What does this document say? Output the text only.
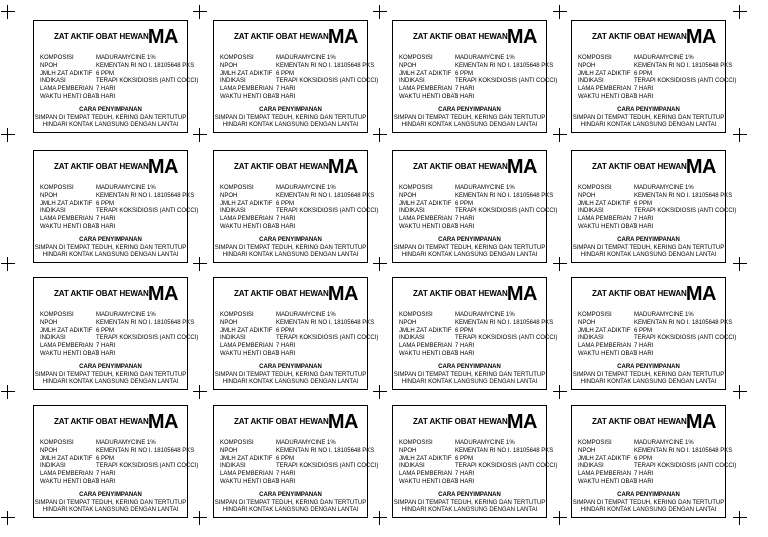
ZAT AKTIF OBAT HEWAN MA
KOMPOSISI	MADURAMYCINE 1%
NPOH	KEMENTAN RI NO I. 18105648 PKS
JMLH ZAT ADIKTIF 6 PPM
INDIKASI	TERAPI KOKSIDIOSIS (ANTI COCCI)
LAMA PEMBERIAN 7 HARI
WAKTU HENTI OBAT
3 HARI
CARA PENYIMPANAN
SIMPAN DI TEMPAT TEDUH, KERING DAN TERTUTUP
HINDARI KONTAK LANGSUNG DENGAN LANTAI
ZAT AKTIF OBAT HEWAN MA
KOMPOSISI	MADURAMYCINE 1%
NPOH	KEMENTAN RI NO I. 18105648 PKS
JMLH ZAT ADIKTIF 6 PPM
INDIKASI	TERAPI KOKSIDIOSIS (ANTI COCCI)
LAMA PEMBERIAN 7 HARI
WAKTU HENTI OBAT
3 HARI
CARA PENYIMPANAN
SIMPAN DI TEMPAT TEDUH, KERING DAN TERTUTUP
HINDARI KONTAK LANGSUNG DENGAN LANTAI
ZAT AKTIF OBAT HEWAN MA
KOMPOSISI	MADURAMYCINE 1%
NPOH	KEMENTAN RI NO I. 18105648 PKS
JMLH ZAT ADIKTIF 6 PPM
INDIKASI	TERAPI KOKSIDIOSIS (ANTI COCCI)
LAMA PEMBERIAN 7 HARI
WAKTU HENTI OBAT
3 HARI
CARA PENYIMPANAN
SIMPAN DI TEMPAT TEDUH, KERING DAN TERTUTUP
HINDARI KONTAK LANGSUNG DENGAN LANTAI
ZAT AKTIF OBAT HEWAN MA
KOMPOSISI	MADURAMYCINE 1%
NPOH	KEMENTAN RI NO I. 18105648 PKS
JMLH ZAT ADIKTIF 6 PPM
INDIKASI	TERAPI KOKSIDIOSIS (ANTI COCCI)
LAMA PEMBERIAN 7 HARI
WAKTU HENTI OBAT
3 HARI
CARA PENYIMPANAN
SIMPAN DI TEMPAT TEDUH, KERING DAN TERTUTUP
HINDARI KONTAK LANGSUNG DENGAN LANTAI
ZAT AKTIF OBAT HEWAN MA
KOMPOSISI	MADURAMYCINE 1%
NPOH	KEMENTAN RI NO I. 18105648 PKS
JMLH ZAT ADIKTIF 6 PPM
INDIKASI	TERAPI KOKSIDIOSIS (ANTI COCCI)
LAMA PEMBERIAN 7 HARI
WAKTU HENTI OBAT
3 HARI
CARA PENYIMPANAN
SIMPAN DI TEMPAT TEDUH, KERING DAN TERTUTUP
HINDARI KONTAK LANGSUNG DENGAN LANTAI
ZAT AKTIF OBAT HEWAN MA
KOMPOSISI	MADURAMYCINE 1%
NPOH	KEMENTAN RI NO I. 18105648 PKS
JMLH ZAT ADIKTIF 6 PPM
INDIKASI	TERAPI KOKSIDIOSIS (ANTI COCCI)
LAMA PEMBERIAN 7 HARI
WAKTU HENTI OBAT
3 HARI
CARA PENYIMPANAN
SIMPAN DI TEMPAT TEDUH, KERING DAN TERTUTUP
HINDARI KONTAK LANGSUNG DENGAN LANTAI
ZAT AKTIF OBAT HEWAN MA
KOMPOSISI	MADURAMYCINE 1%
NPOH	KEMENTAN RI NO I. 18105648 PKS
JMLH ZAT ADIKTIF 6 PPM
INDIKASI	TERAPI KOKSIDIOSIS (ANTI COCCI)
LAMA PEMBERIAN 7 HARI
WAKTU HENTI OBAT
3 HARI
CARA PENYIMPANAN
SIMPAN DI TEMPAT TEDUH, KERING DAN TERTUTUP
HINDARI KONTAK LANGSUNG DENGAN LANTAI
ZAT AKTIF OBAT HEWAN MA
KOMPOSISI	MADURAMYCINE 1%
NPOH	KEMENTAN RI NO I. 18105648 PKS
JMLH ZAT ADIKTIF 6 PPM
INDIKASI	TERAPI KOKSIDIOSIS (ANTI COCCI)
LAMA PEMBERIAN 7 HARI
WAKTU HENTI OBAT
3 HARI
CARA PENYIMPANAN
SIMPAN DI TEMPAT TEDUH, KERING DAN TERTUTUP
HINDARI KONTAK LANGSUNG DENGAN LANTAI
ZAT AKTIF OBAT HEWAN MA
KOMPOSISI	MADURAMYCINE 1%
NPOH	KEMENTAN RI NO I. 18105648 PKS
JMLH ZAT ADIKTIF 6 PPM
INDIKASI	TERAPI KOKSIDIOSIS (ANTI COCCI)
LAMA PEMBERIAN 7 HARI
WAKTU HENTI OBAT
3 HARI
CARA PENYIMPANAN
SIMPAN DI TEMPAT TEDUH, KERING DAN TERTUTUP
HINDARI KONTAK LANGSUNG DENGAN LANTAI
ZAT AKTIF OBAT HEWAN MA
KOMPOSISI	MADURAMYCINE 1%
NPOH	KEMENTAN RI NO I. 18105648 PKS
JMLH ZAT ADIKTIF 6 PPM
INDIKASI	TERAPI KOKSIDIOSIS (ANTI COCCI)
LAMA PEMBERIAN 7 HARI
WAKTU HENTI OBAT
3 HARI
CARA PENYIMPANAN
SIMPAN DI TEMPAT TEDUH, KERING DAN TERTUTUP
HINDARI KONTAK LANGSUNG DENGAN LANTAI
ZAT AKTIF OBAT HEWAN MA
KOMPOSISI	MADURAMYCINE 1%
NPOH	KEMENTAN RI NO I. 18105648 PKS
JMLH ZAT ADIKTIF 6 PPM
INDIKASI	TERAPI KOKSIDIOSIS (ANTI COCCI)
LAMA PEMBERIAN 7 HARI
WAKTU HENTI OBAT
3 HARI
CARA PENYIMPANAN
SIMPAN DI TEMPAT TEDUH, KERING DAN TERTUTUP
HINDARI KONTAK LANGSUNG DENGAN LANTAI
ZAT AKTIF OBAT HEWAN MA
KOMPOSISI	MADURAMYCINE 1%
NPOH	KEMENTAN RI NO I. 18105648 PKS
JMLH ZAT ADIKTIF 6 PPM
INDIKASI	TERAPI KOKSIDIOSIS (ANTI COCCI)
LAMA PEMBERIAN 7 HARI
WAKTU HENTI OBAT
3 HARI
CARA PENYIMPANAN
SIMPAN DI TEMPAT TEDUH, KERING DAN TERTUTUP
HINDARI KONTAK LANGSUNG DENGAN LANTAI
ZAT AKTIF OBAT HEWAN MA
KOMPOSISI	MADURAMYCINE 1%
NPOH	KEMENTAN RI NO I. 18105648 PKS
JMLH ZAT ADIKTIF 6 PPM
INDIKASI	TERAPI KOKSIDIOSIS (ANTI COCCI)
LAMA PEMBERIAN 7 HARI
WAKTU HENTI OBAT
3 HARI
CARA PENYIMPANAN
SIMPAN DI TEMPAT TEDUH, KERING DAN TERTUTUP
HINDARI KONTAK LANGSUNG DENGAN LANTAI
ZAT AKTIF OBAT HEWAN MA
KOMPOSISI	MADURAMYCINE 1%
NPOH	KEMENTAN RI NO I. 18105648 PKS
JMLH ZAT ADIKTIF 6 PPM
INDIKASI	TERAPI KOKSIDIOSIS (ANTI COCCI)
LAMA PEMBERIAN 7 HARI
WAKTU HENTI OBAT
3 HARI
CARA PENYIMPANAN
SIMPAN DI TEMPAT TEDUH, KERING DAN TERTUTUP
HINDARI KONTAK LANGSUNG DENGAN LANTAI
ZAT AKTIF OBAT HEWAN MA
KOMPOSISI	MADURAMYCINE 1%
NPOH	KEMENTAN RI NO I. 18105648 PKS
JMLH ZAT ADIKTIF 6 PPM
INDIKASI	TERAPI KOKSIDIOSIS (ANTI COCCI)
LAMA PEMBERIAN 7 HARI
WAKTU HENTI OBAT
3 HARI
CARA PENYIMPANAN
SIMPAN DI TEMPAT TEDUH, KERING DAN TERTUTUP
HINDARI KONTAK LANGSUNG DENGAN LANTAI
ZAT AKTIF OBAT HEWAN MA
KOMPOSISI	MADURAMYCINE 1%
NPOH	KEMENTAN RI NO I. 18105648 PKS
JMLH ZAT ADIKTIF 6 PPM
INDIKASI	TERAPI KOKSIDIOSIS (ANTI COCCI)
LAMA PEMBERIAN 7 HARI
WAKTU HENTI OBAT
3 HARI
CARA PENYIMPANAN
SIMPAN DI TEMPAT TEDUH, KERING DAN TERTUTUP
HINDARI KONTAK LANGSUNG DENGAN LANTAI
